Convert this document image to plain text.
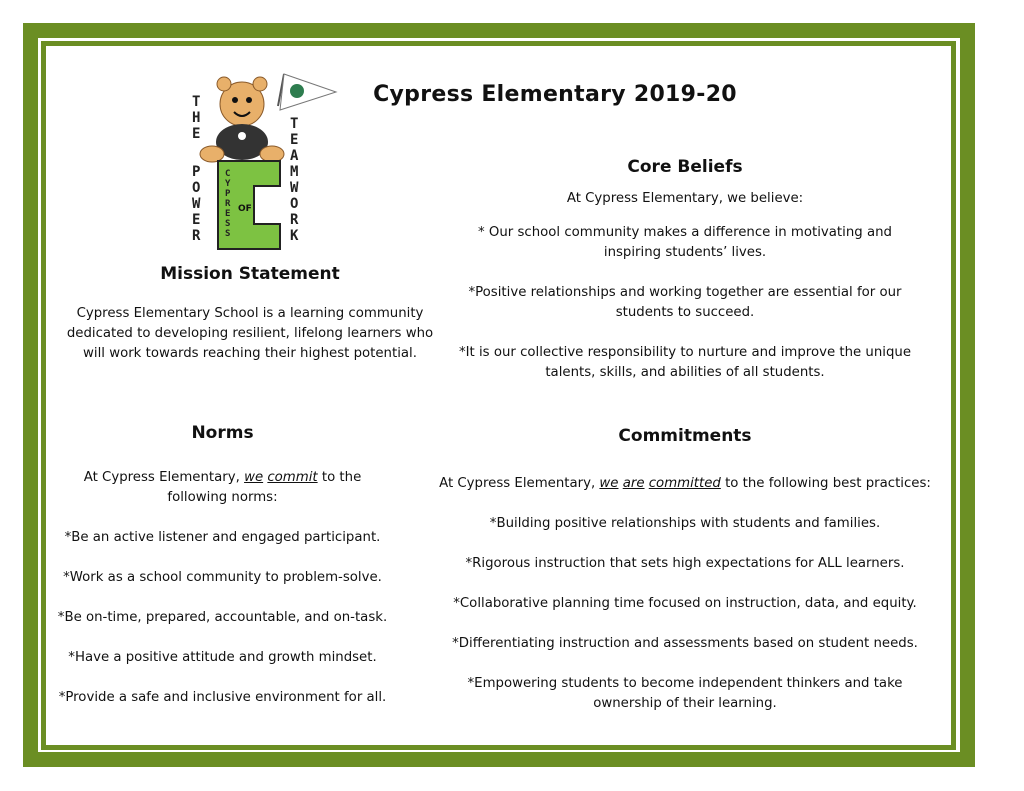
Cypress Elementary 2019-20
OF
T
H
E
P
O
W
E
R
T
E
A
M
W
O
R
K
C
Y
P
R
E
S
S
Mission Statement

Cypress Elementary School is a learning community dedicated to developing resilient, lifelong learners who will work towards reaching their highest potential.

Norms

At Cypress Elementary, we commit to the following norms:

*Be an active listener and engaged participant.

*Work as a school community to problem-solve.

*Be on-time, prepared, accountable, and on-task.

*Have a positive attitude and growth mindset.

*Provide a safe and inclusive environment for all.

Core Beliefs

At Cypress Elementary, we believe:

* Our school community makes a difference in motivating and inspiring students’ lives.

*Positive relationships and working together are essential for our students to succeed.

*It is our collective responsibility to nurture and improve the unique talents, skills, and abilities of all students.

Commitments

At Cypress Elementary, we are committed to the following best practices:

*Building positive relationships with students and families.

*Rigorous instruction that sets high expectations for ALL learners.

*Collaborative planning time focused on instruction, data, and equity.

*Differentiating instruction and assessments based on student needs.

*Empowering students to become independent thinkers and take ownership of their learning.
